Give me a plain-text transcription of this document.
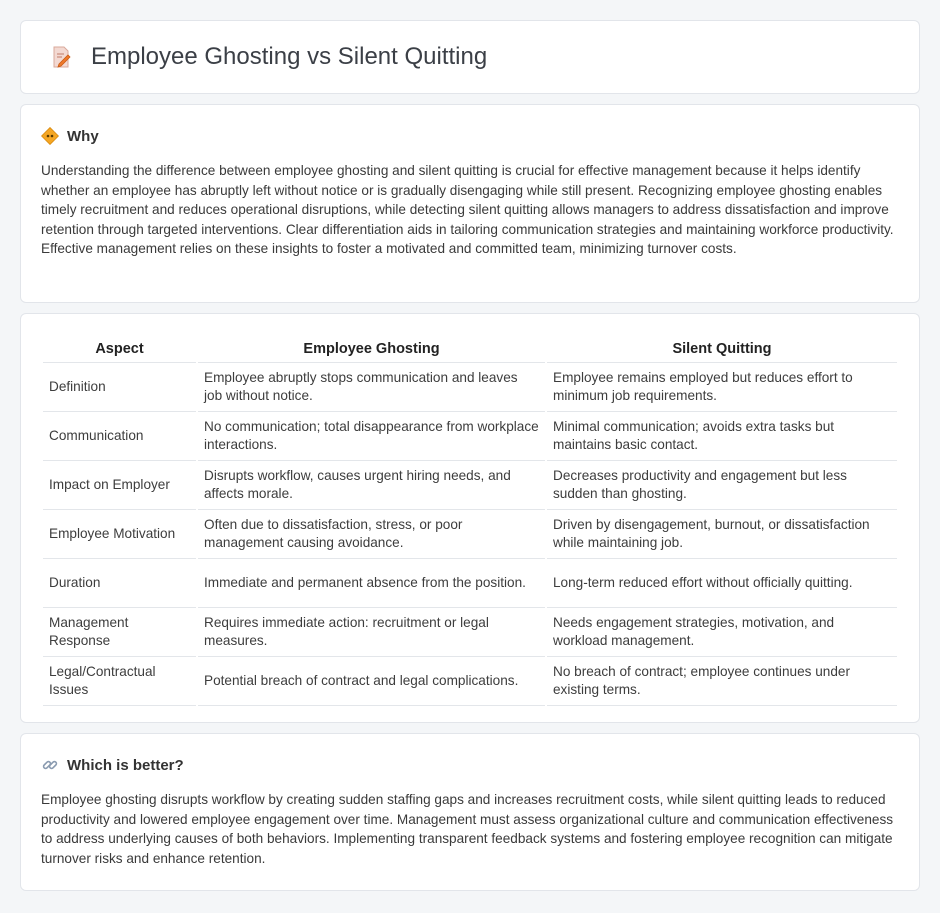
Employee Ghosting vs Silent Quitting
Why

Understanding the difference between employee ghosting and silent quitting is crucial for effective management because it helps identify whether an employee has abruptly left without notice or is gradually disengaging while still present. Recognizing employee ghosting enables timely recruitment and reduces operational disruptions, while detecting silent quitting allows managers to address dissatisfaction and improve retention through targeted interventions. Clear differentiation aids in tailoring communication strategies and maintaining workforce productivity. Effective management relies on these insights to foster a motivated and committed team, minimizing turnover costs.

Aspect	Employee Ghosting	Silent Quitting
Definition	Employee abruptly stops communication and leaves job without notice.	Employee remains employed but reduces effort to minimum job requirements.
Communication	No communication; total disappearance from workplace interactions.	Minimal communication; avoids extra tasks but maintains basic contact.
Impact on Employer	Disrupts workflow, causes urgent hiring needs, and affects morale.	Decreases productivity and engagement but less sudden than ghosting.
Employee Motivation	Often due to dissatisfaction, stress, or poor management causing avoidance.	Driven by disengagement, burnout, or dissatisfaction while maintaining job.
Duration	Immediate and permanent absence from the position.	Long-term reduced effort without officially quitting.
Management Response	Requires immediate action: recruitment or legal measures.	Needs engagement strategies, motivation, and workload management.
Legal/Contractual Issues	Potential breach of contract and legal complications.	No breach of contract; employee continues under existing terms.
Which is better?

Employee ghosting disrupts workflow by creating sudden staffing gaps and increases recruitment costs, while silent quitting leads to reduced productivity and lowered employee engagement over time. Management must assess organizational culture and communication effectiveness to address underlying causes of both behaviors. Implementing transparent feedback systems and fostering employee recognition can mitigate turnover risks and enhance retention.
